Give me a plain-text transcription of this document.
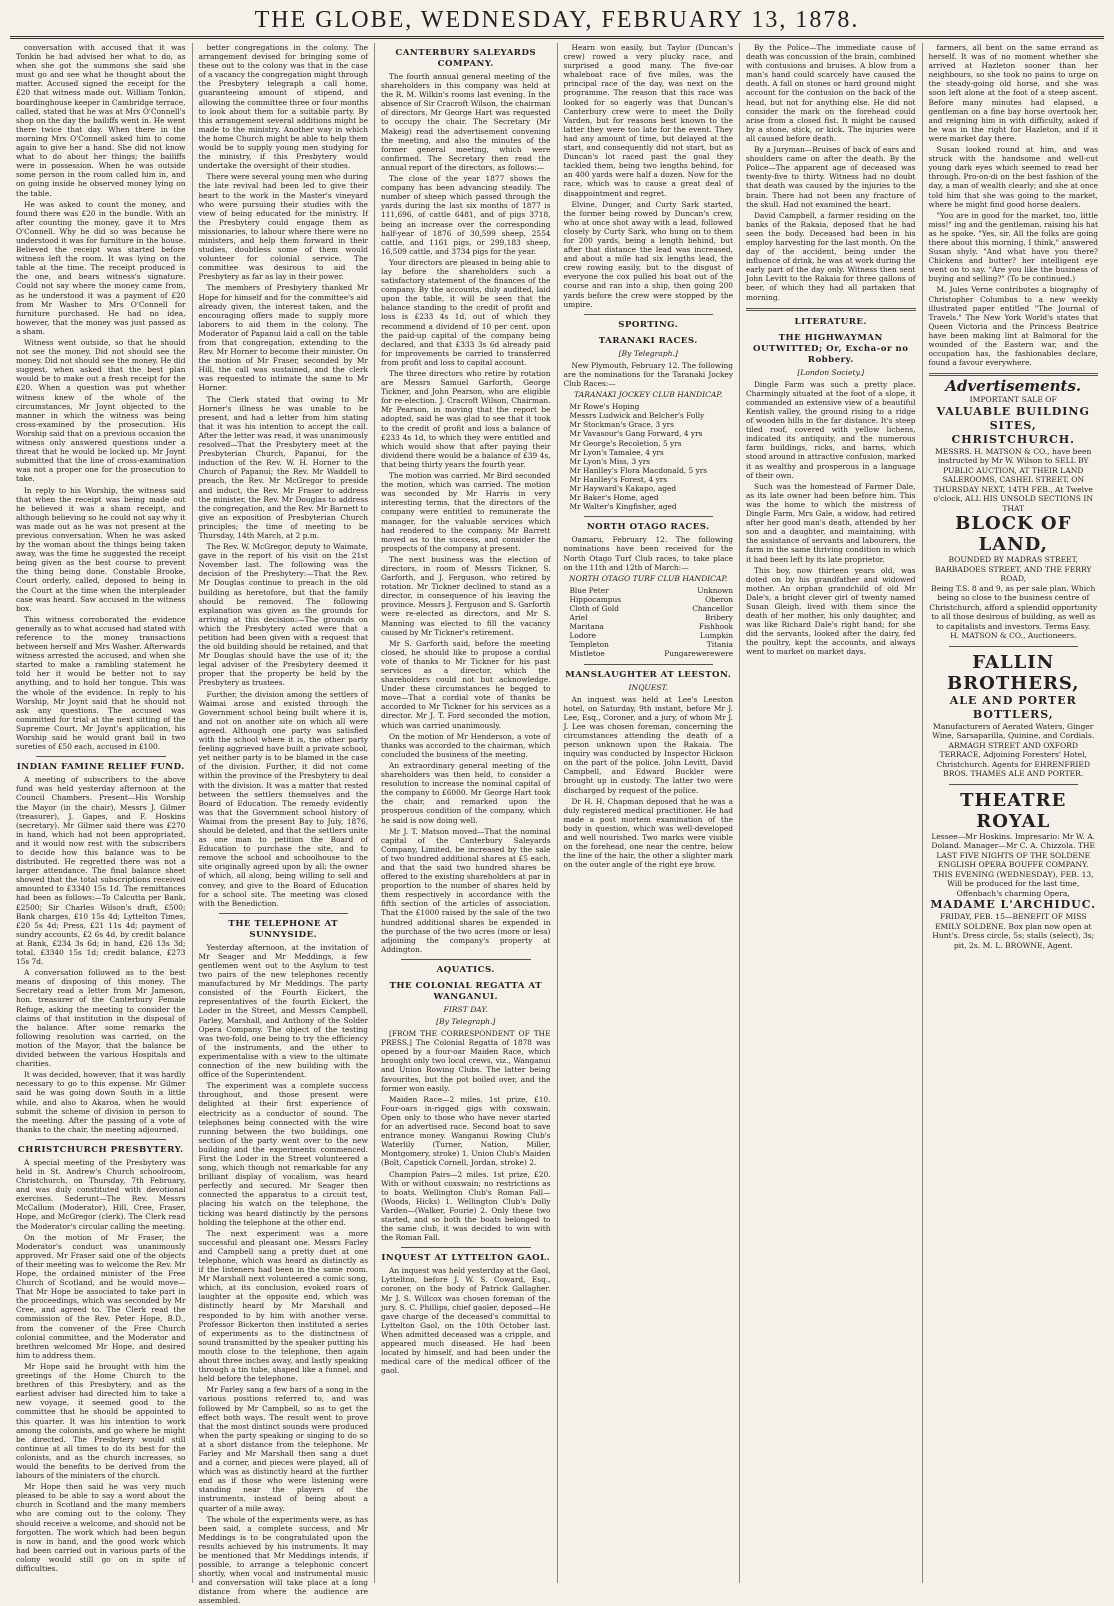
THE GLOBE, WEDNESDAY, FEBRUARY 13, 1878.

conversation with accused that it was Tonkin he had advised her what to do, as when she got the summons she said she must go and see what he thought about the matter. Accused signed the receipt for the £20 that witness made out. William Tonkin, boardinghouse keeper in Cambridge terrace, called, stated that he was at Mrs O'Connell's shop on the day the bailiffs went in. He went there twice that day. When there in the morning Mrs O'Connell asked him to come again to give her a hand. She did not know what to do about her things; the bailiffs were in possession. When he was outside some person in the room called him in, and on going inside he observed money lying on the table.

He was asked to count the money, and found there was £20 in the bundle. With an after counting the money, gave it to Mrs O'Connell. Why he did so was because he understood it was for furniture in the house. Believed the receipt was started before witness left the room. It was lying on the table at the time. The receipt produced is the one, and bears witness's signature. Could not say where the money came from, as he understood it was a payment of £20 from Mr Washer to Mrs O'Connell for furniture purchased. He had no idea, however, that the money was just passed as a sham.

Witness went outside, so that he should not see the money. Did not should see the money. Did not should see the money. He did suggest, when asked that the best plan would be to make out a fresh receipt for the £20. When a question was put whether witness knew of the whole of the circumstances, Mr Joynt objected to the manner in which the witness was being cross-examined by the prosecution. His Worship said that on a previous occasion the witness only answered questions under a threat that he would be locked up. Mr Joynt submitted that the line of cross-examination was not a proper one for the prosecution to take.

In reply to his Worship, the witness said that when the receipt was being made out he believed it was a sham receipt, and although believing so he could not say why it was made out as he was not present at the previous conversation. When he was asked by the woman about the things being taken away, was the time he suggested the receipt being given as the best course to prevent the thing being done. Constable Brooke, Court orderly, called, deposed to being in the Court at the time when the interpleader case was heard. Saw accused in the witness box.

This witness corroborated the evidence generally as to what accused had stated with reference to the money transactions between herself and Mrs Washer. Afterwards witness arrested the accused, and when she started to make a rambling statement he told her it would be better not to say anything, and to hold her tongue. This was the whole of the evidence. In reply to his Worship, Mr Joynt said that he should not ask any questions. The accused was committed for trial at the next sitting of the Supreme Court. Mr Joynt's application, his Worship said he would grant bail in two sureties of £50 each, accused in £100.

INDIAN FAMINE RELIEF FUND.

A meeting of subscribers to the above fund was held yesterday afternoon at the Council Chambers. Present—His Worship the Mayor (in the chair), Messrs J. Gilmer (treasurer), J. Gapes, and F. Hoskins (secretary). Mr Gilmer said there was £270 in hand, which had not been appropriated, and it would now rest with the subscribers to decide how this balance was to be distributed. He regretted there was not a larger attendance. The final balance sheet showed that the total subscriptions received amounted to £3340 15s 1d. The remittances had been as follows:—To Calcutta per Bank, £2500; Sir Charles Wilson's draft, £500; Bank charges, £10 15s 4d; Lyttelton Times, £20 5s 4d; Press, £21 11s 4d; payment of sundry accounts, £2 6s 4d, by credit balance at Bank, £234 3s 6d; in hand, £26 13s 3d; total, £3340 15s 1d; credit balance, £273 15s 7d.

A conversation followed as to the best means of disposing of this money. The Secretary read a letter from Mr Jameson, hon. treasurer of the Canterbury Female Refuge, asking the meeting to consider the claims of that institution in the disposal of the balance. After some remarks the following resolution was carried, on the motion of the Mayor, that the balance be divided between the various Hospitals and charities.

It was decided, however, that it was hardly necessary to go to this expense. Mr Gilmer said he was going down South in a little while, and also to Akaroa, when he would submit the scheme of division in person to the meeting. After the passing of a vote of thanks to the chair, the meeting adjourned.

CHRISTCHURCH PRESBYTERY.

A special meeting of the Presbytery was held in St. Andrew's Church schoolroom, Christchurch, on Thursday, 7th February, and was duly constituted with devotional exercises. Sederunt—The Rev. Messrs McCallum (Moderator), Hill, Cree, Fraser, Hope, and McGregor (clerk). The Clerk read the Moderator's circular calling the meeting.

On the motion of Mr Fraser, the Moderator's conduct was unanimously approved. Mr Fraser said one of the objects of their meeting was to welcome the Rev. Mr Hope, the ordained minister of the Free Church of Scotland, and he would move—That Mr Hope be associated to take part in the proceedings, which was seconded by Mr Cree, and agreed to. The Clerk read the commission of the Rev. Peter Hope, B.D., from the convener of the Free Church colonial committee, and the Moderator and brethren welcomed Mr Hope, and desired him to address them.

Mr Hope said he brought with him the greetings of the Home Church to the brethren of this Presbytery, and as the earliest adviser had directed him to take a new voyage, it seemed good to the committee that he should be appointed to this quarter. It was his intention to work among the colonists, and go where he might be directed. The Presbytery would still continue at all times to do its best for the colonists, and as the church increases, so would the benefits to be derived from the labours of the ministers of the church.

Mr Hope then said he was very much pleased to be able to say a word about the church in Scotland and the many members who are coming out to the colony. They should receive a welcome, and should not be forgotten. The work which had been begun is now in hand, and the good work which had been carried out in various parts of the colony would still go on in spite of difficulties.

better congregations in the colony. The arrangement devised for bringing some of these out to the colony was that in the case of a vacancy the congregation might through the Presbytery telegraph a call home, guaranteeing amount of stipend, and allowing the committee three or four months to look about them for a suitable party. By this arrangement several additions might be made to the ministry. Another way in which the home Church might be able to help them would be to supply young men studying for the ministry, if this Presbytery would undertake the oversight of their studies.

There were several young men who during the late revival had been led to give their heart to the work in the Master's vineyard who were pursuing their studies with the view of being educated for the ministry. If the Presbytery could engage them as missionaries, to labour where there were no ministers, and help them forward in their studies, doubtless some of them would volunteer for colonial service. The committee was desirous to aid the Presbytery as far as lay in their power.

The members of Presbytery thanked Mr Hope for himself and for the committee's aid already given, the interest taken, and the encouraging offers made to supply more laborers to aid them in the colony. The Moderator of Papanui laid a call on the table from that congregation, extending to the Rev. Mr Horner to become their minister. On the motion of Mr Fraser, seconded by Mr Hill, the call was sustained, and the clerk was requested to intimate the same to Mr Horner.

The Clerk stated that owing to Mr Horner's illness he was unable to be present, and had a letter from him stating that it was his intention to accept the call. After the letter was read, it was unanimously resolved—That the Presbytery meet at the Presbyterian Church, Papanui, for the induction of the Rev. W. H. Horner to the Church of Papanui; the Rev. Mr Waddell to preach, the Rev. Mr McGregor to preside and induct, the Rev. Mr Fraser to address the minister, the Rev. Mr Douglas to address the congregation, and the Rev. Mr Barnett to give an exposition of Presbyterian Church principles; the time of meeting to be Thursday, 14th March, at 2 p.m.

The Rev. W. McGregor, deputy to Waimate, gave in the report of his visit on the 21st November last. The following was the decision of the Presbytery:—That the Rev. Mr Douglas continue to preach in the old building as heretofore, but that the family should be removed. The following explanation was given as the grounds for arriving at this decision:—The grounds on which the Presbytery acted were that a petition had been given with a request that the old building should be retained, and that Mr Douglas should have the use of it; the legal adviser of the Presbytery deemed it proper that the property be held by the Presbytery as trustees.

Further, the division among the settlers of Waimai arose and existed through the Government school being built where it is, and not on another site on which all were agreed. Although one party was satisfied with the school where it is, the other party feeling aggrieved have built a private school, yet neither party is to be blamed in the case of the division. Further, it did not come within the province of the Presbytery to deal with the division. It was a matter that rested between the settlers themselves and the Board of Education. The remedy evidently was that the Government school history of Waimai from the present Bay to July, 1876, should be deleted, and that the settlers unite as one man to petition the Board of Education to purchase the site, and to remove the school and schoolhouse to the site originally agreed upon by all; the owner of which, all along, being willing to sell and convey, and give to the Board of Education for a school site. The meeting was closed with the Benediction.

THE TELEPHONE AT SUNNYSIDE.

Yesterday afternoon, at the invitation of Mr Seager and Mr Meddings, a few gentlemen went out to the Asylum to test two pairs of the new telephones recently manufactured by Mr Meddings. The party consisted of the Fourth Eickert, the representatives of the fourth Eickert, the Loder in the Street, and Messrs Campbell, Farley, Marshall, and Anthony of the Solder Opera Company. The object of the testing was two-fold, one being to try the efficiency of the instruments, and the other to experimentalise with a view to the ultimate connection of the new building with the office of the Superintendent.

The experiment was a complete success throughout, and those present were delighted at their first experience of electricity as a conductor of sound. The telephones being connected with the wire running between the two buildings, one section of the party went over to the new building and the experiments commenced. First the Loder in the Street volunteered a song, which though not remarkable for any brilliant display of vocalism, was heard perfectly and secured. Mr Seager then connected the apparatus to a circuit test, placing his watch on the telephone, the ticking was heard distinctly by the persons holding the telephone at the other end.

The next experiment was a more successful and pleasant one. Messrs Farley and Campbell sang a pretty duet at one telephone, which was heard as distinctly as if the listeners had been in the same room. Mr Marshall next volunteered a comic song, which, at its conclusion, evoked roars of laughter at the opposite end, which was distinctly heard by Mr Marshall and responded to by him with another verse. Professor Bickerton then instituted a series of experiments as to the distinctness of sound transmitted by the speaker putting his mouth close to the telephone, then again about three inches away, and lastly speaking through a tin tube, shaped like a funnel, and held before the telephone.

Mr Farley sang a few bars of a song in the various positions referred to, and was followed by Mr Campbell, so as to get the effect both ways. The result went to prove that the most distinct sounds were produced when the party speaking or singing to do so at a short distance from the telephone. Mr Farley and Mr Marshall then sang a duet and a corner, and pieces were played, all of which was as distinctly heard at the further end as if those who were listening were standing near the players of the instruments, instead of being about a quarter of a mile away.

The whole of the experiments were, as has been said, a complete success, and Mr Meddings is to be congratulated upon the results achieved by his instruments. It may be mentioned that Mr Meddings intends, if possible, to arrange a telephonic concert shortly, when vocal and instrumental music and conversation will take place at a long distance from where the audience are assembled.

CANTERBURY SALEYARDS COMPANY.

The fourth annual general meeting of the shareholders in this company was held at the R. M. Wilkin's rooms last evening. In the absence of Sir Cracroft Wilson, the chairman of directors, Mr George Hart was requested to occupy the chair. The Secretary (Mr Makeig) read the advertisement convening the meeting, and also the minutes of the former general meeting, which were confirmed. The Secretary then read the annual report of the directors, as follows:—

The close of the year 1877 shows the company has been advancing steadily. The number of sheep which passed through the yards during the last six months of 1877 is 111,696, of cattle 6481, and of pigs 3718, being an increase over the corresponding half-year of 1876 of 30,599 sheep, 2554 cattle, and 1161 pigs, or 299,183 sheep, 16,509 cattle, and 3734 pigs for the year.

Your directors are pleased in being able to lay before the shareholders such a satisfactory statement of the finances of the company. By the accounts, duly audited, laid upon the table, it will be seen that the balance standing to the credit of profit and loss is £233 4s 1d, out of which they recommend a dividend of 10 per cent. upon the paid-up capital of the company being declared, and that £333 3s 6d already paid for improvements be carried to transferred from profit and loss to capital account.

The three directors who retire by rotation are Messrs Samuel Garforth, George Tickner, and John Pearson, who are eligible for re-election. J. Cracroft Wilson, Chairman. Mr Pearson, in moving that the report be adopted, said he was glad to see that it took to the credit of profit and loss a balance of £233 4s 1d, to which they were entitled and which would show that after paying their dividend there would be a balance of £39 4s, that being thirty years the fourth year.

The motion was carried. Mr Bird seconded the motion, which was carried. The motion was seconded by Mr Harris in very interesting terms, that the directors of the company were entitled to remunerate the manager, for the valuable services which had rendered to the company. Mr Barrett moved as to the success, and consider the prospects of the company at present.

The next business was the election of directors, in room of Messrs Tickner, S. Garforth, and J. Ferguson, who retired by rotation. Mr Tickner declined to stand as a director, in consequence of his leaving the province. Messrs J. Ferguson and S. Garforth were re-elected as directors, and Mr S. Manning was elected to fill the vacancy caused by Mr Tickner's retirement.

Mr S. Garforth said, before the meeting closed, he should like to propose a cordial vote of thanks to Mr Tickner for his past services as a director, which the shareholders could not but acknowledge. Under these circumstances he begged to move—That a cordial vote of thanks be accorded to Mr Tickner for his services as a director. Mr J. T. Ford seconded the motion, which was carried unanimously.

On the motion of Mr Henderson, a vote of thanks was accorded to the chairman, which concluded the business of the meeting.

An extraordinary general meeting of the shareholders was then held, to consider a resolution to increase the nominal capital of the company to £6000. Mr George Hart took the chair, and remarked upon the prosperous condition of the company, which he said is now doing well.

Mr J. T. Matson moved—That the nominal capital of the Canterbury Saleyards Company, Limited, be increased by the sale of two hundred additional shares at £5 each, and that the said two hundred shares be offered to the existing shareholders at par in proportion to the number of shares held by them respectively in accordance with the fifth section of the articles of association. That the £1000 raised by the sale of the two hundred additional shares be expended in the purchase of the two acres (more or less) adjoining the company's property at Addington.

AQUATICS.

THE COLONIAL REGATTA AT WANGANUI.

FIRST DAY.

[By Telegraph.]

[FROM THE CORRESPONDENT OF THE PRESS.] The Colonial Regatta of 1878 was opened by a four-oar Maiden Race, which brought only two local crews, viz., Wanganui and Union Rowing Clubs. The latter being favourites, but the pot boiled over, and the former won easily.

Maiden Race—2 miles. 1st prize, £10. Four-oars in-rigged gigs with coxswain. Open only to those who have never started for an advertised race. Second boat to save entrance money. Wanganui Rowing Club's Waterlily (Turner, Nation, Miller, Montgomery, stroke) 1. Union Club's Maiden (Bolt, Capstick Cornell, Jordan, stroke) 2.

Champion Pairs—2 miles. 1st prize, £20. With or without coxswain; no restrictions as to boats. Wellington Club's Roman Fall—(Woods, Hicks) 1. Wellington Club's Dolly Varden—(Walker, Fourie) 2. Only these two started, and so both the boats belonged to the same club, it was decided to win with the Roman Fall.

INQUEST AT LYTTELTON GAOL.

An inquest was held yesterday at the Gaol, Lyttelton, before J. W. S. Coward, Esq., coroner, on the body of Patrick Gallagher. Mr J. S. Willcox was chosen foreman of the jury. S. C. Phillips, chief gaoler, deposed—He gave charge of the deceased's committal to Lyttelton Gaol, on the 10th October last. When admitted deceased was a cripple, and appeared much diseased. He had been located by himself, and had been under the medical care of the medical officer of the gaol.

Hearn won easily, but Taylor (Duncan's crew) rowed a very plucky race, and surprised a good many. The five-oar whaleboat race of five miles, was the principal race of the day, was next on the programme. The reason that this race was looked for so eagerly was that Duncan's Canterbury crew were to meet the Dolly Varden, but for reasons best known to the latter they were too late for the event. They had any amount of time, but delayed at the start, and consequently did not start, but as Duncan's lot raced past the goal they tackled them, being two lengths behind, for an 400 yards were half a dozen. Now for the race, which was to cause a great deal of disappointment and regret.

Elvine, Dunger, and Curty Sark started, the former being rowed by Duncan's crew, who at once shot away with a lead, followed closely by Curty Sark, who hung on to them for 200 yards, being a length behind, but after that distance the lead was increased, and about a mile had six lengths lead, the crew rowing easily, but to the disgust of everyone the cox pulled his boat out of the course and ran into a ship, then going 200 yards before the crew were stopped by the umpire.

SPORTING.

TARANAKI RACES.

[By Telegraph.]

New Plymouth, February 12. The following are the nominations for the Taranaki Jockey Club Races:—

TARANAKI JOCKEY CLUB HANDICAP.

Mr Rowe's Hoping
Messrs Ludwick and Belcher's Folly
Mr Stockman's Grace, 3 yrs
Mr Vavasour's Gang Forward, 4 yrs
Mr George's Recoletion, 5 yrs
Mr Lyon's Tamalee, 4 yrs
Mr Lyon's Miss, 3 yrs
Mr Hanlley's Flora Macdonald, 5 yrs
Mr Hanlley's Forest, 4 yrs
Mr Hayward's Kakapo, aged
Mr Baker's Home, aged
Mr Walter's Kingfisher, aged

NORTH OTAGO RACES.

Oamaru, February 12. The following nominations have been received for the North Otago Turf Club races, to take place on the 11th and 12th of March:—

NORTH OTAGO TURF CLUB HANDICAP.

Blue Peter	Unknown
Hippocampus	Oberon
Cloth of Gold	Chancellor
Ariel	Bribery
Maritana	Fishhook
Lodore	Lumpkin
Templeton	Titania
Mistletoe	Pungarewerewere

MANSLAUGHTER AT LEESTON.

INQUEST.

An inquest was held at Lee's Leeston hotel, on Saturday, 9th instant, before Mr J. Lee, Esq., Coroner, and a jury, of whom Mr J. J. Lee was chosen foreman, concerning the circumstances attending the death of a person unknown upon the Rakaia. The inquiry was conducted by Inspector Hickson on the part of the police. John Levitt, David Campbell, and Edward Buckler were brought up in custody. The latter two were discharged by request of the police.

Dr H. H. Chapman deposed that he was a duly registered medical practitioner. He had made a post mortem examination of the body in question, which was well-developed and well nourished. Two marks were visible on the forehead, one near the centre, below the line of the hair, the other a slighter mark on the outer angle of the right eye brow.

By the Police—The immediate cause of death was concussion of the brain, combined with contusions and bruises. A blow from a man's hand could scarcely have caused the death. A fall on stones or hard ground might account for the contusion on the back of the head, but not for anything else. He did not consider the mark on the forehead could arise from a closed fist. It might be caused by a stone, stick, or kick. The injuries were all caused before death.

By a Juryman—Bruises of back of ears and shoulders came on after the death. By the Police—The apparent age of deceased was twenty-five to thirty. Witness had no doubt that death was caused by the injuries to the brain. There had not been any fracture of the skull. Had not examined the heart.

David Campbell, a farmer residing on the banks of the Rakaia, deposed that he had seen the body. Deceased had been in his employ harvesting for the last month. On the day of the accident, being under the influence of drink, he was at work during the early part of the day only. Witness then sent John Levitt to the Rakaia for three gallons of beer, of which they had all partaken that morning.

LITERATURE.

THE HIGHWAYMAN OUTWITTED; Or, Excha-or no Robbery.

[London Society.]

Dingle Farm was such a pretty place. Charmingly situated at the foot of a slope, it commanded an extensive view of a beautiful Kentish valley, the ground rising to a ridge of wooden hills in the far distance. It's steep tiled roof, covered with yellow lichens, indicated its antiquity, and the numerous farm buildings, ricks, and barns, which stood around in attractive confusion, marked it as wealthy and prosperous in a language of their own.

Such was the homestead of Farmer Dale, as its late owner had been before him. This was the home to which the mistress of Dingle Farm, Mrs Gale, a widow, had retired after her good man's death, attended by her son and a daughter, and maintaining, with the assistance of servants and labourers, the farm in the same thriving condition in which it had been left by its late proprietor.

This boy, now thirteen years old, was doted on by his grandfather and widowed mother. An orphan grandchild of old Mr Dale's, a bright clever girl of twenty named Susan Gleigh, lived with them since the death of her mother, his only daughter, and was like Richard Dale's right hand; for she did the servants, looked after the dairy, fed the poultry, kept the accounts, and always went to market on market days.

farmers, all bent on the same errand as herself. It was of no moment whether she arrived at Hazleton sooner than her neighbours, so she took no pains to urge on the steady-going old horse, and she was soon left alone at the foot of a steep ascent. Before many minutes had elapsed, a gentleman on a fine bay horse overtook her, and reigning him in with difficulty, asked if he was in the right for Hazleton, and if it were market day there.

Susan looked round at him, and was struck with the handsome and well-cut young dark eyes which seemed to read her through. Pro-on-di on the best fashion of the day, a man of wealth clearly; and she at once told him that she was going to the market, where he might find good horse dealers.

"You are in good for the market, too, little miss!" ing and the gentleman, raising his hat as he spoke. "Yes, sir. All the folks are going there about this morning, I think," answered Susan shyly. "And what have you there? Chickens and butter? her intelligent eye went on to say. "Are you like the business of buying and selling?" (To be continued.)

M. Jules Verne contributes a biography of Christopher Columbus to a new weekly illustrated paper entitled "The Journal of Travels." The New York World's states that Queen Victoria and the Princess Beatrice have been making lint at Balmoral for the wounded of the Eastern war, and the occupation has, the fashionables declare, found a favour everywhere.

Advertisements.

IMPORTANT SALE OF
VALUABLE BUILDING SITES,
CHRISTCHURCH.
MESSRS. H. MATSON & CO., have been instructed by Mr W. Wilson to SELL BY PUBLIC AUCTION, AT THEIR LAND SALEROOMS, CASHEL STREET, ON THURSDAY NEXT, 14TH FEB., At Twelve o'clock, ALL HIS UNSOLD SECTIONS IN THAT
BLOCK OF LAND,
BOUNDED BY MADRAS STREET, BARBADOES STREET, AND THE FERRY ROAD,
Being T.S. 8 and 9, as per sale plan. Which being so close to the business centre of Christchurch, afford a splendid opportunity to all those desirous of building, as well as to capitalists and investors. Terms Easy.
H. MATSON & CO., Auctioneers.
FALLIN BROTHERS,
ALE AND PORTER BOTTLERS,
Manufacturers of Aerated Waters, Ginger Wine, Sarsaparilla, Quinine, and Cordials. ARMAGH STREET AND OXFORD TERRACE, Adjoining Foresters' Hotel, Christchurch. Agents for EHRENFRIED BROS. THAMES ALE AND PORTER.
THEATRE ROYAL
Lessee—Mr Hoskins. Impresario: Mr W. A. Doland. Manager—Mr C. A. Chizzola. THE LAST FIVE NIGHTS OF THE SOLDENE ENGLISH OPERA BOUFFE COMPANY. THIS EVENING (WEDNESDAY), FEB. 13, Will be produced for the last time, Offenbach's charming Opera,
MADAME L'ARCHIDUC.
FRIDAY, FEB. 15—BENEFIT OF MISS EMILY SOLDENE. Box plan now open at Hunt's. Dress circle, 5s; stalls (select), 3s; pit, 2s. M. L. BROWNE, Agent.
